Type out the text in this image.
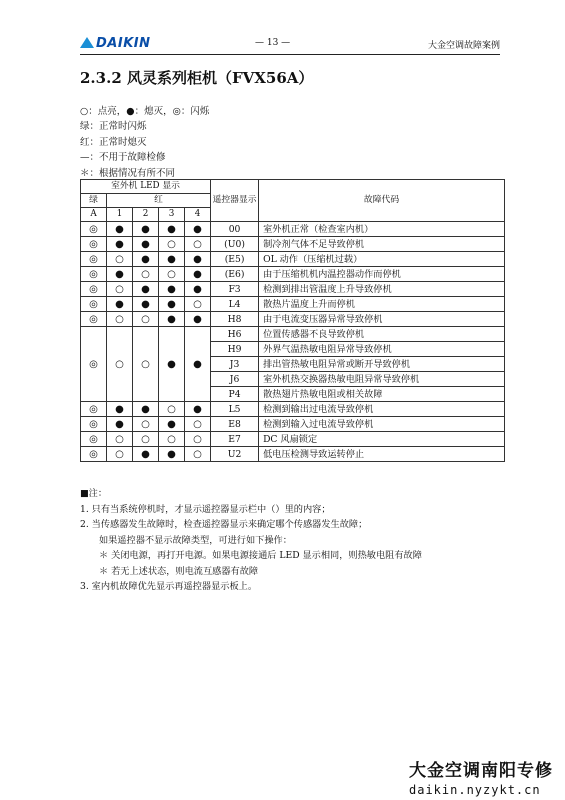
DAIKIN	— 13 —	大金空调故障案例
2.3.2 风灵系列柜机（FVX56A）
○：点亮，●：熄灭，◎：闪烁
绿：正常时闪烁
红：正常时熄灭
—：不用于故障检修
＊：根据情况有所不同
室外机 LED 显示					遥控器显示	故障代码
绿	红					
A	1	2	3	4		
◎	●	●	●	●	00	室外机正常（检查室内机）
◎	●	●	○	○	(U0)	制冷剂气体不足导致停机
◎	○	●	●	●	(E5)	OL 动作（压缩机过载）
◎	●	○	○	●	(E6)	由于压缩机机内温控器动作而停机
◎	○	●	●	●	F3	检测到排出管温度上升导致停机
◎	●	●	●	○	L4	散热片温度上升而停机
◎	○	○	●	●	H8	由于电流变压器异常导致停机
◎	○	○	●	●	H6	位置传感器不良导致停机
					H9	外界气温热敏电阻异常导致停机
					J3	排出管热敏电阻异常或断开导致停机
					J6	室外机热交换器热敏电阻异常导致停机
					P4	散热翅片热敏电阻或相关故障
◎	●	●	○	●	L5	检测到输出过电流导致停机
◎	●	○	●	○	E8	检测到输入过电流导致停机
◎	○	○	○	○	E7	DC 风扇锁定
◎	○	●	●	○	U2	低电压检测导致运转停止
■注：
1. 只有当系统停机时，才显示遥控器显示栏中（）里的内容；
2. 当传感器发生故障时，检查遥控器显示来确定哪个传感器发生故障；
如果遥控器不显示故障类型，可进行如下操作：
＊ 关闭电源，再打开电源。如果电源接通后 LED 显示相同，则热敏电阻有故障
＊ 若无上述状态，则电流互感器有故障
3. 室内机故障优先显示再遥控器显示板上。
大金空调南阳专修
daikin.nyzykt.cn
